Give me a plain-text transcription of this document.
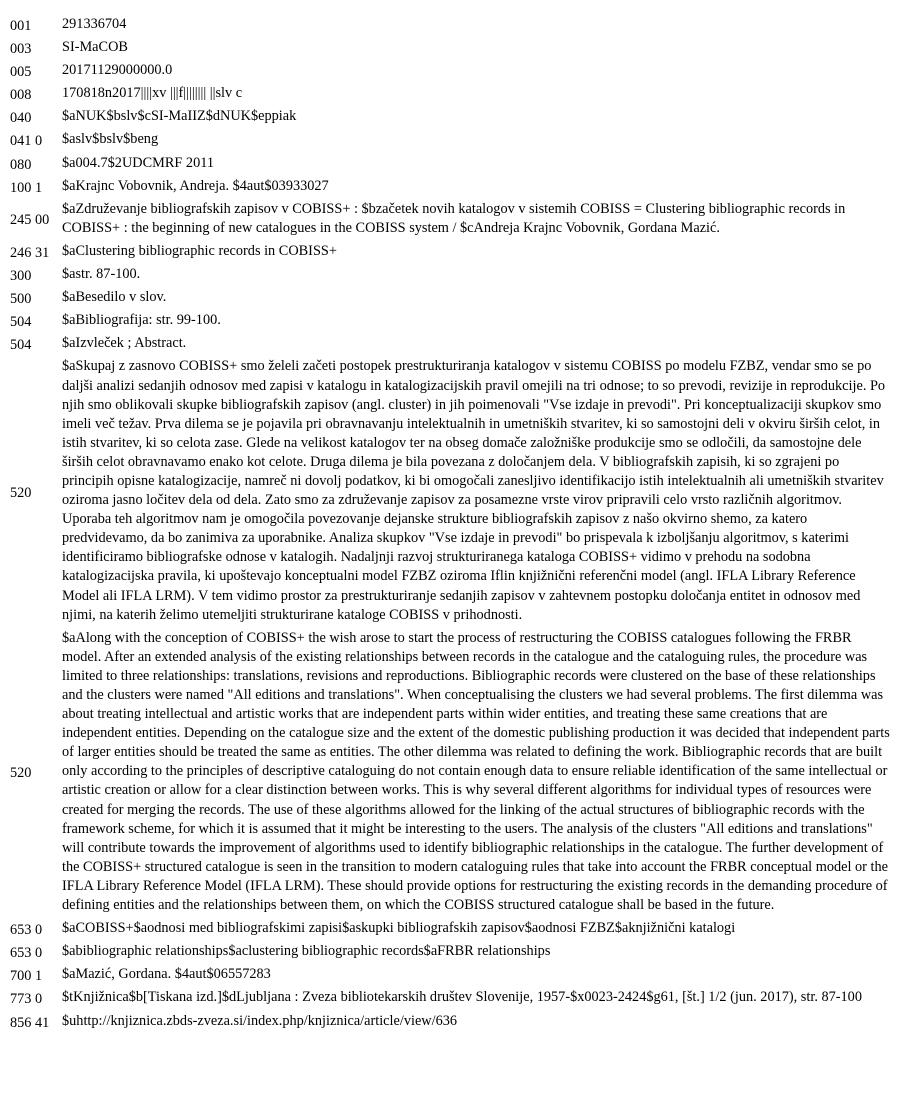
001	291336704
003	SI-MaCOB
005	20171129000000.0
008	170818n2017||||xv |||f|||||||| ||slv c
040	$aNUK$bslv$cSI-MaIIZ$dNUK$eppiak
041 0	$aslv$bslv$beng
080	$a004.7$2UDCMRF 2011
100 1	$aKrajnc Vobovnik, Andreja. $4aut$03933027
245 00	$aZdruževanje bibliografskih zapisov v COBISS+ : $bzačetek novih katalogov v sistemih COBISS = Clustering bibliographic records in COBISS+ : the beginning of new catalogues in the COBISS system / $cAndreja Krajnc Vobovnik, Gordana Mazić.
246 31	$aClustering bibliographic records in COBISS+
300	$astr. 87-100.
500	$aBesedilo v slov.
504	$aBibliografija: str. 99-100.
504	$aIzvleček ; Abstract.
520	$aSkupaj z zasnovo COBISS+ smo želeli začeti postopek prestrukturiranja katalogov v sistemu COBISS po modelu FZBZ, vendar smo se po daljši analizi sedanjih odnosov med zapisi v katalogu in katalogizacijskih pravil omejili na tri odnose; to so prevodi, revizije in reprodukcije. Po njih smo oblikovali skupke bibliografskih zapisov (angl. cluster) in jih poimenovali "Vse izdaje in prevodi". Pri konceptualizaciji skupkov smo imeli več težav. Prva dilema se je pojavila pri obravnavanju intelektualnih in umetniških stvaritev, ki so samostojni deli v okviru širših celot, in istih stvaritev, ki so celota zase. Glede na velikost katalogov ter na obseg domače založniške produkcije smo se odločili, da samostojne dele širših celot obravnavamo enako kot celote. Druga dilema je bila povezana z določanjem dela. V bibliografskih zapisih, ki so zgrajeni po principih opisne katalogizacije, namreč ni dovolj podatkov, ki bi omogočali zanesljivo identifikacijo istih intelektualnih ali umetniških stvaritev oziroma jasno ločitev dela od dela. Zato smo za združevanje zapisov za posamezne vrste virov pripravili celo vrsto različnih algoritmov. Uporaba teh algoritmov nam je omogočila povezovanje dejanske strukture bibliografskih zapisov z našo okvirno shemo, za katero predvidevamo, da bo zanimiva za uporabnike. Analiza skupkov "Vse izdaje in prevodi" bo prispevala k izboljšanju algoritmov, s katerimi identificiramo bibliografske odnose v katalogih. Nadaljnji razvoj strukturiranega kataloga COBISS+ vidimo v prehodu na sodobna katalogizacijska pravila, ki upoštevajo konceptualni model FZBZ oziroma Iflin knjižnični referenčni model (angl. IFLA Library Reference Model ali IFLA LRM). V tem vidimo prostor za prestrukturiranje sedanjih zapisov v zahtevnem postopku določanja entitet in odnosov med njimi, na katerih želimo utemeljiti strukturirane kataloge COBISS v prihodnosti.
520	$aAlong with the conception of COBISS+ the wish arose to start the process of restructuring the COBISS catalogues following the FRBR model. After an extended analysis of the existing relationships between records in the catalogue and the cataloguing rules, the procedure was limited to three relationships: translations, revisions and reproductions. Bibliographic records were clustered on the base of these relationships and the clusters were named "All editions and translations". When conceptualising the clusters we had several problems. The first dilemma was about treating intellectual and artistic works that are independent parts within wider entities, and treating these same creations that are independent entities. Depending on the catalogue size and the extent of the domestic publishing production it was decided that independent parts of larger entities should be treated the same as entities. The other dilemma was related to defining the work. Bibliographic records that are built only according to the principles of descriptive cataloguing do not contain enough data to ensure reliable identification of the same intellectual or artistic creation or allow for a clear distinction between works. This is why several different algorithms for individual types of resources were created for merging the records. The use of these algorithms allowed for the linking of the actual structures of bibliographic records with the framework scheme, for which it is assumed that it might be interesting to the users. The analysis of the clusters "All editions and translations" will contribute towards the improvement of algorithms used to identify bibliographic relationships in the catalogue. The further development of the COBISS+ structured catalogue is seen in the transition to modern cataloguing rules that take into account the FRBR conceptual model or the IFLA Library Reference Model (IFLA LRM). These should provide options for restructuring the existing records in the demanding procedure of defining entities and the relationships between them, on which the COBISS structured catalogue shall be based in the future.
653 0	$aCOBISS+$aodnosi med bibliografskimi zapisi$askupki bibliografskih zapisov$aodnosi FZBZ$aknjižnični katalogi
653 0	$abibliographic relationships$aclustering bibliographic records$aFRBR relationships
700 1	$aMazić, Gordana. $4aut$06557283
773 0	$tKnjižnica$b[Tiskana izd.]$dLjubljana : Zveza bibliotekarskih društev Slovenije, 1957-$x0023-2424$g61, [št.] 1/2 (jun. 2017), str. 87-100
856 41	$uhttp://knjiznica.zbds-zveza.si/index.php/knjiznica/article/view/636
